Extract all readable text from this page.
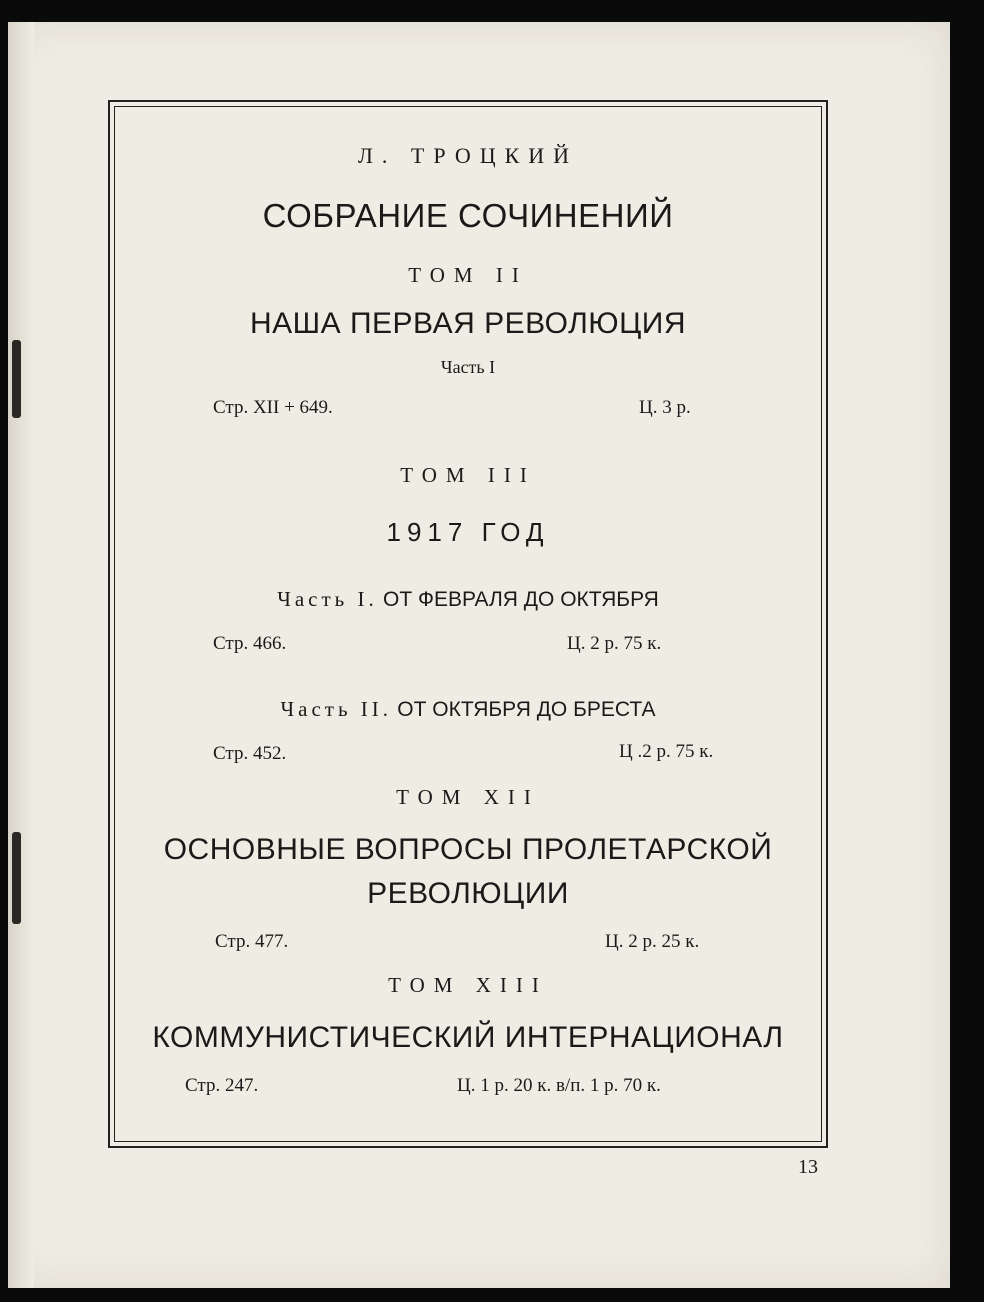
Л. ТРОЦКИЙ
СОБРАНИЕ СОЧИНЕНИЙ
ТОМ II
НАША ПЕРВАЯ РЕВОЛЮЦИЯ
Часть I
Стр. XII + 649.	Ц. 3 р.
ТОМ III
1917 ГОД
Часть I. ОТ ФЕВРАЛЯ ДО ОКТЯБРЯ
Стр. 466.	Ц. 2 р. 75 к.
Часть II. ОТ ОКТЯБРЯ ДО БРЕСТА
Стр. 452.	Ц .2 р. 75 к.
ТОМ XII
ОСНОВНЫЕ ВОПРОСЫ ПРОЛЕТАРСКОЙ
РЕВОЛЮЦИИ
Стр. 477.	Ц. 2 р. 25 к.
ТОМ XIII
КОММУНИСТИЧЕСКИЙ ИНТЕРНАЦИОНАЛ
Стр. 247.	Ц. 1 р. 20 к. в/п. 1 р. 70 к.
13
